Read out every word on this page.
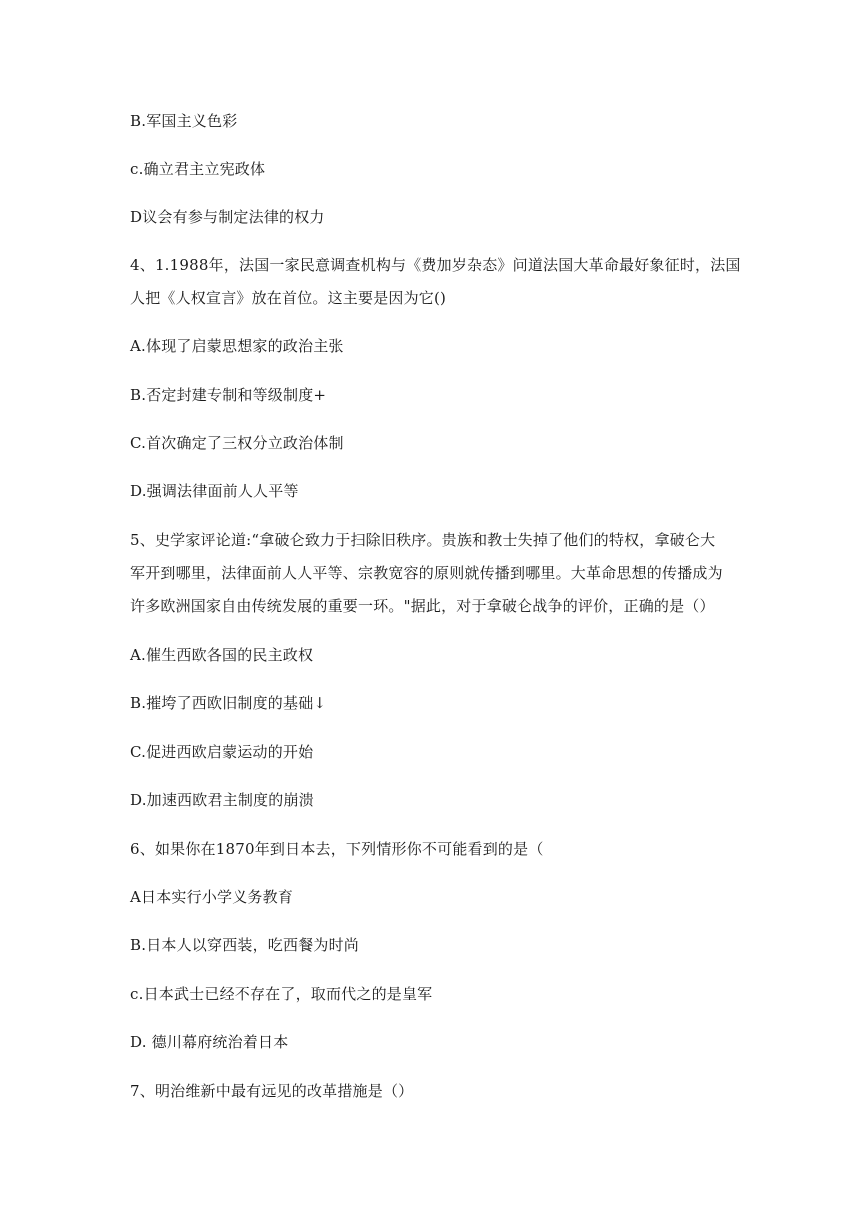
B.军国主义色彩
c.确立君主立宪政体
D议会有参与制定法律的权力
4、1.1988年，法国一家民意调查机构与《费加岁杂态》问道法国大革命最好象征时，法国
人把《人权宣言》放在首位。这主要是因为它()
A.体现了启蒙思想家的政治主张
B.否定封建专制和等级制度+
C.首次确定了三权分立政治体制
D.强调法律面前人人平等
5、史学家评论道:“拿破仑致力于扫除旧秩序。贵族和教士失掉了他们的特权，拿破仑大
军开到哪里，法律面前人人平等、宗教宽容的原则就传播到哪里。大革命思想的传播成为
许多欧洲国家自由传统发展的重要一环。"据此，对于拿破仑战争的评价，正确的是（）
A.催生西欧各国的民主政权
B.摧垮了西欧旧制度的基础↓
C.促进西欧启蒙运动的开始
D.加速西欧君主制度的崩溃
6、如果你在1870年到日本去，下列情形你不可能看到的是（
A日本实行小学义务教育
B.日本人以穿西装，吃西餐为时尚
c.日本武士已经不存在了，取而代之的是皇军
D. 德川幕府统治着日本
7、明治维新中最有远见的改革措施是（）
